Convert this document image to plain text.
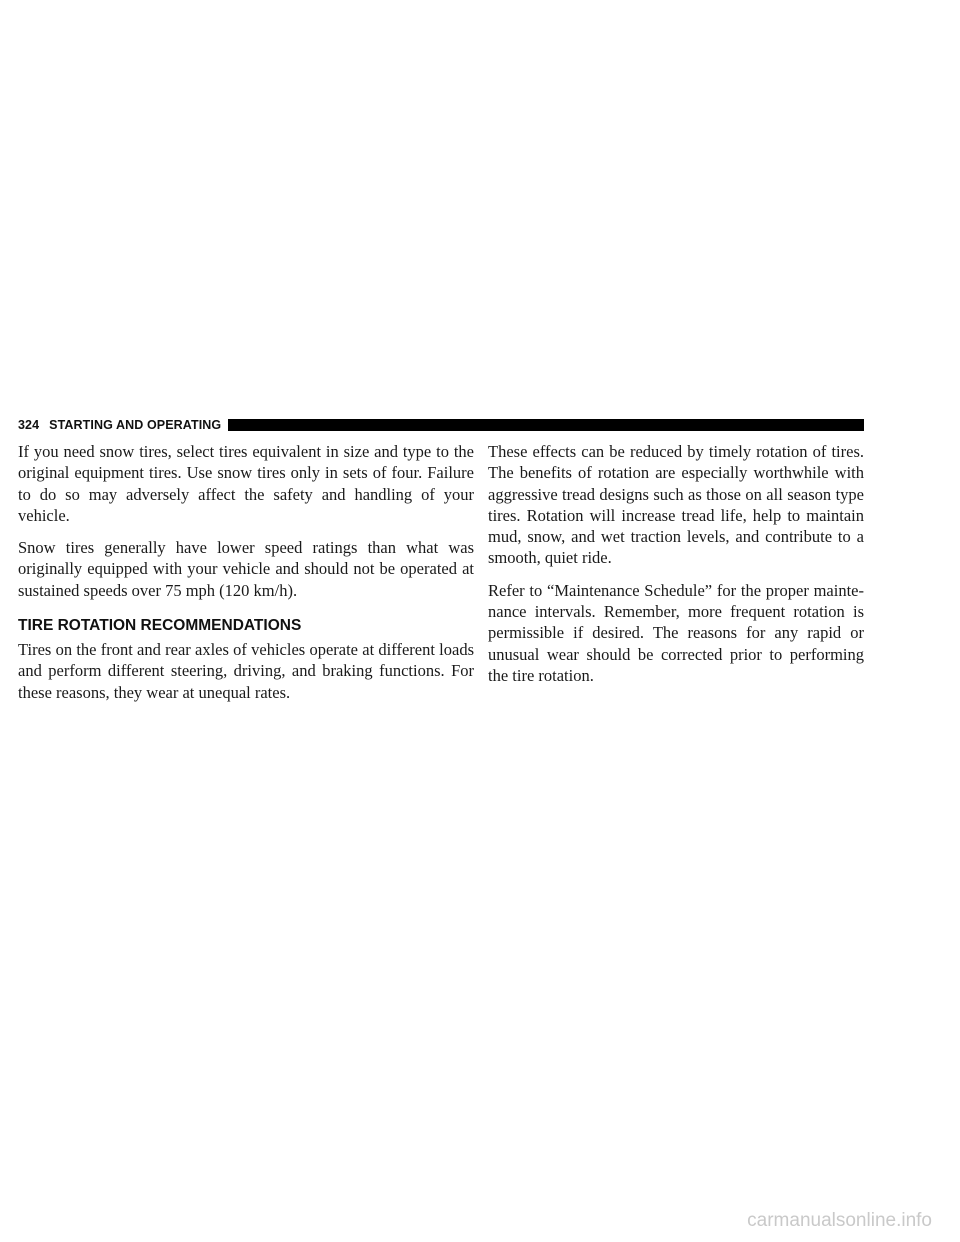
324 STARTING AND OPERATING

If you need snow tires, select tires equivalent in size and type to the original equipment tires. Use snow tires only in sets of four. Failure to do so may adversely affect the safety and handling of your vehicle.

Snow tires generally have lower speed ratings than what was originally equipped with your vehicle and should not be operated at sustained speeds over 75 mph (120 km/h).

TIRE ROTATION RECOMMENDATIONS

Tires on the front and rear axles of vehicles operate at different loads and perform different steering, driving, and braking functions. For these reasons, they wear at unequal rates.

These effects can be reduced by timely rotation of tires. The benefits of rotation are especially worthwhile with aggressive tread designs such as those on all season type tires. Rotation will increase tread life, help to maintain mud, snow, and wet traction levels, and contribute to a smooth, quiet ride.

Refer to “Maintenance Schedule” for the proper mainte-nance intervals. Remember, more frequent rotation is permissible if desired. The reasons for any rapid or unusual wear should be corrected prior to performing the tire rotation.

carmanualsonline.info
